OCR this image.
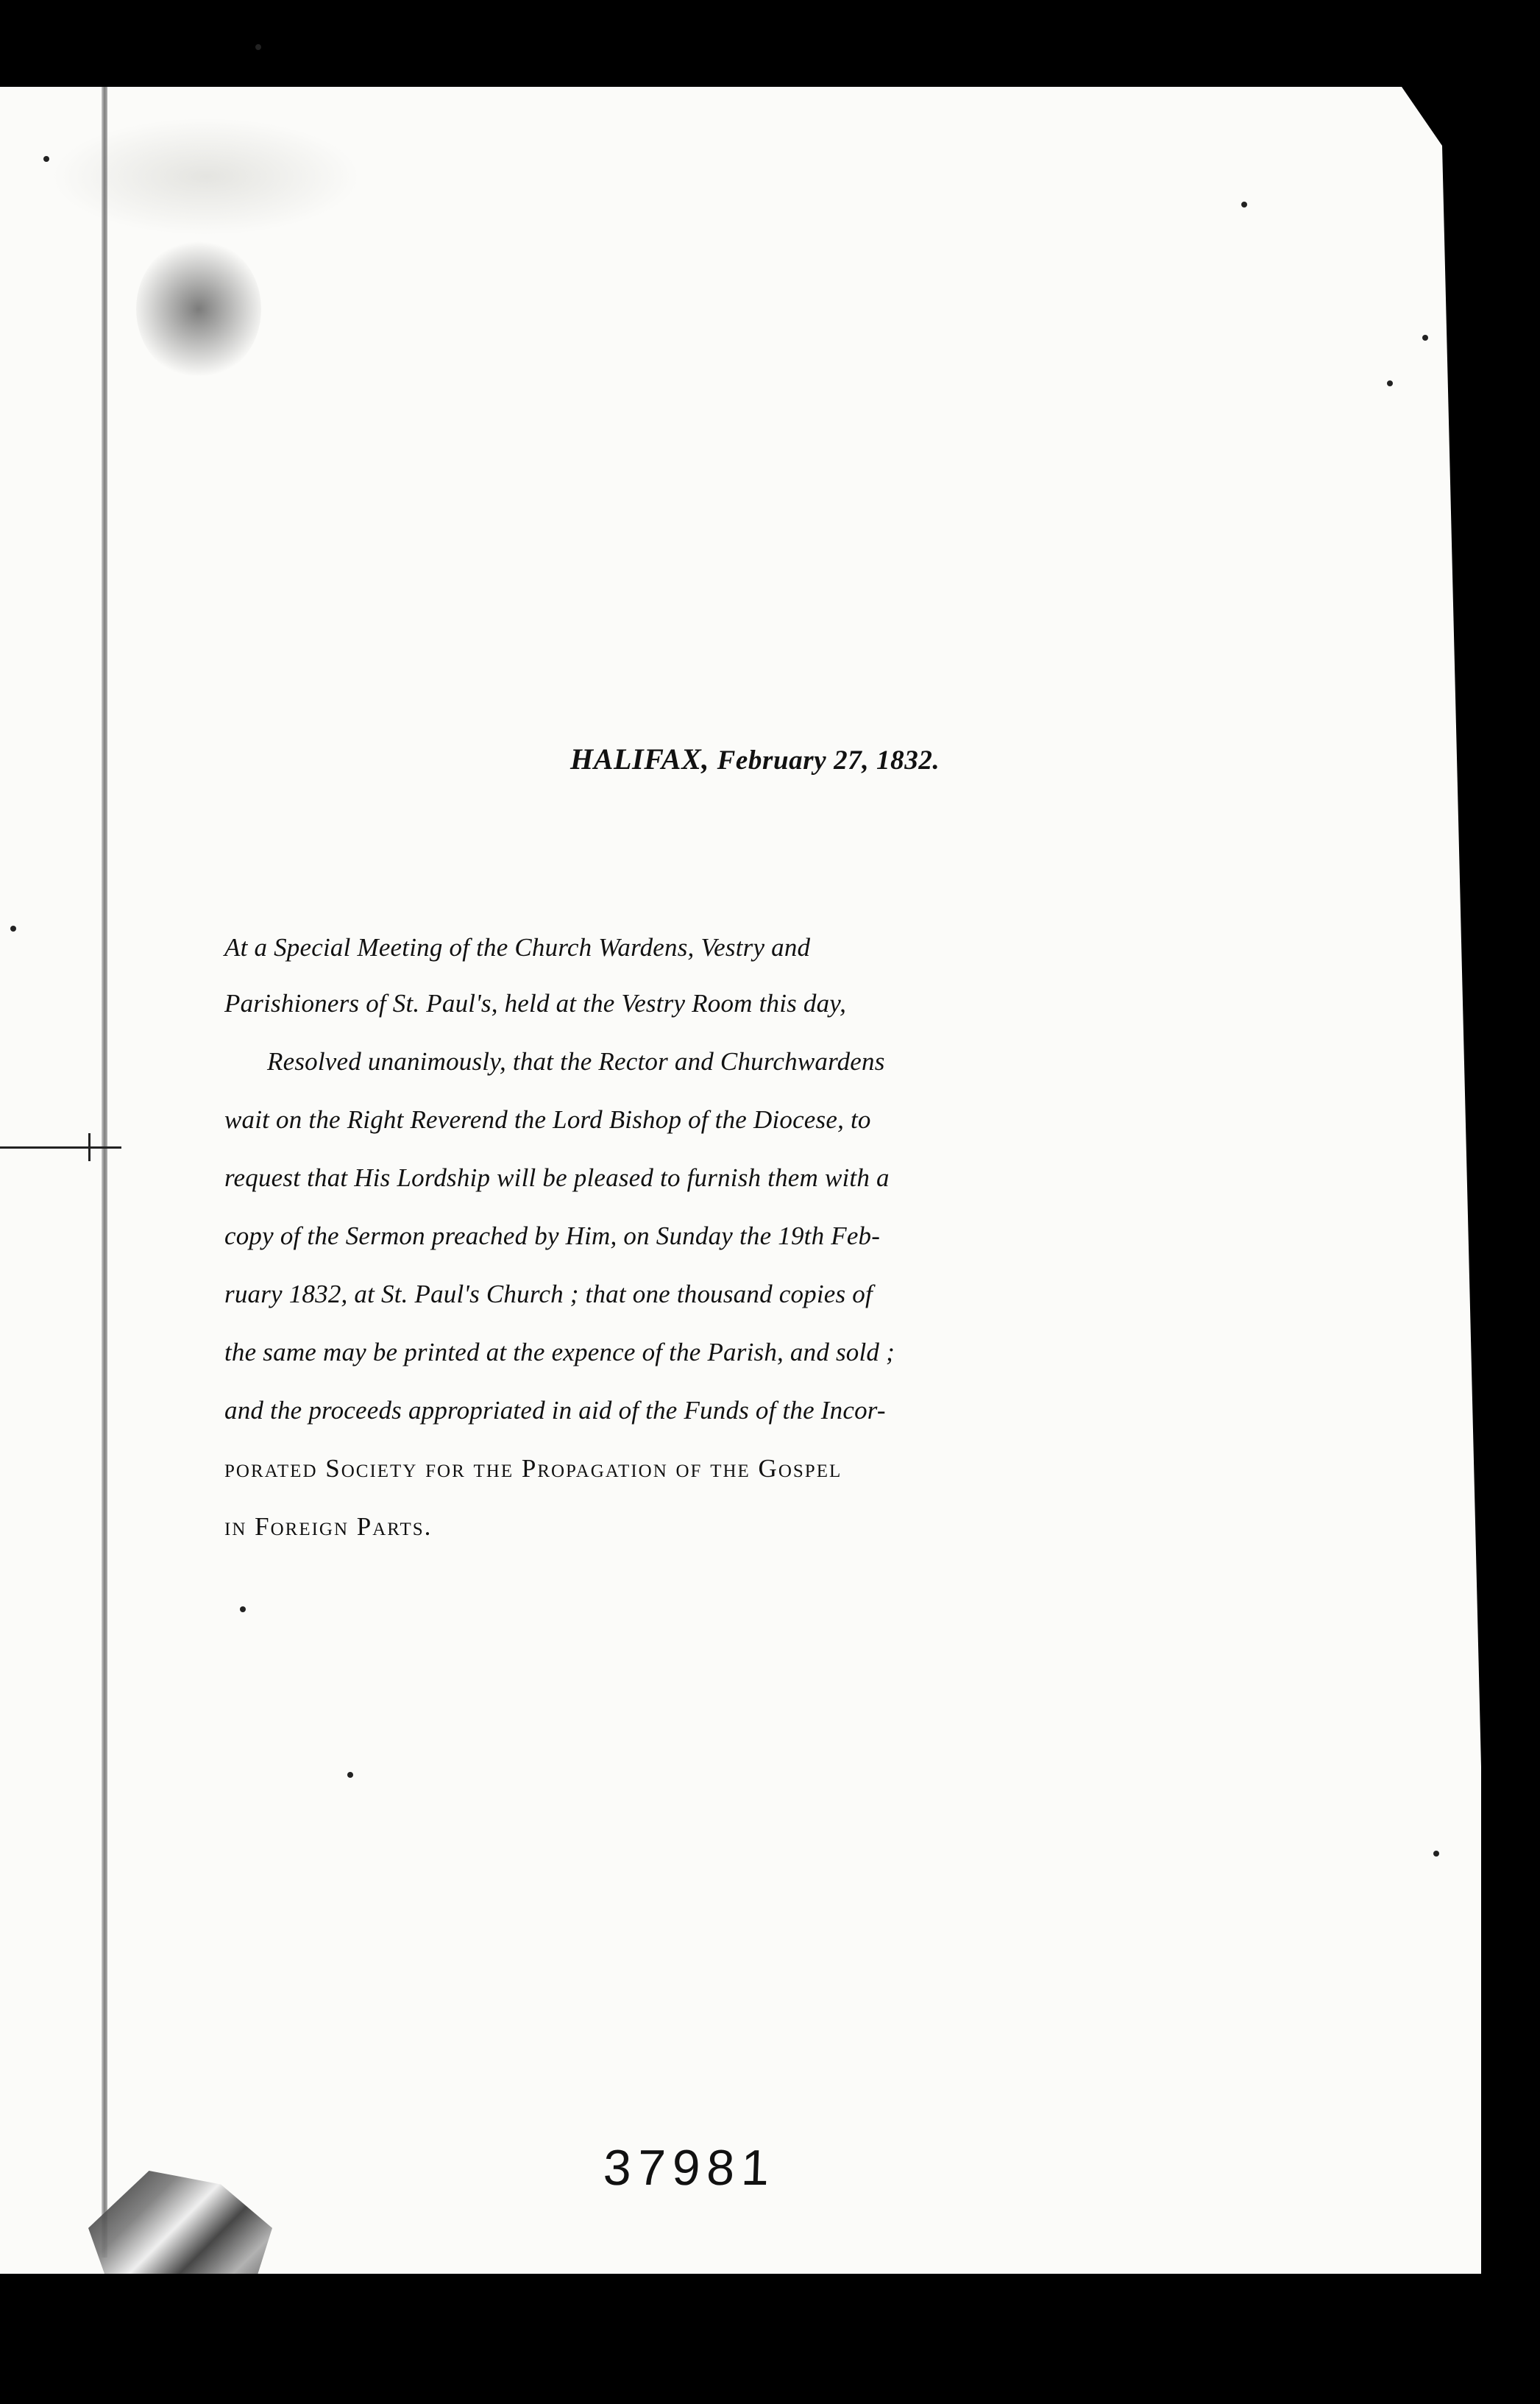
HALIFAX, February 27, 1832.
At a Special Meeting of the Church Wardens, Vestry and
Parishioners of St. Paul's, held at the Vestry Room this day,
Resolved unanimously, that the Rector and Churchwardens
wait on the Right Reverend the Lord Bishop of the Diocese, to
request that His Lordship will be pleased to furnish them with a
copy of the Sermon preached by Him, on Sunday the 19th Feb-
ruary 1832, at St. Paul's Church ; that one thousand copies of
the same may be printed at the expence of the Parish, and sold ;
and the proceeds appropriated in aid of the Funds of the Incor-
porated Society for the Propagation of the Gospel
in Foreign Parts.
37981
